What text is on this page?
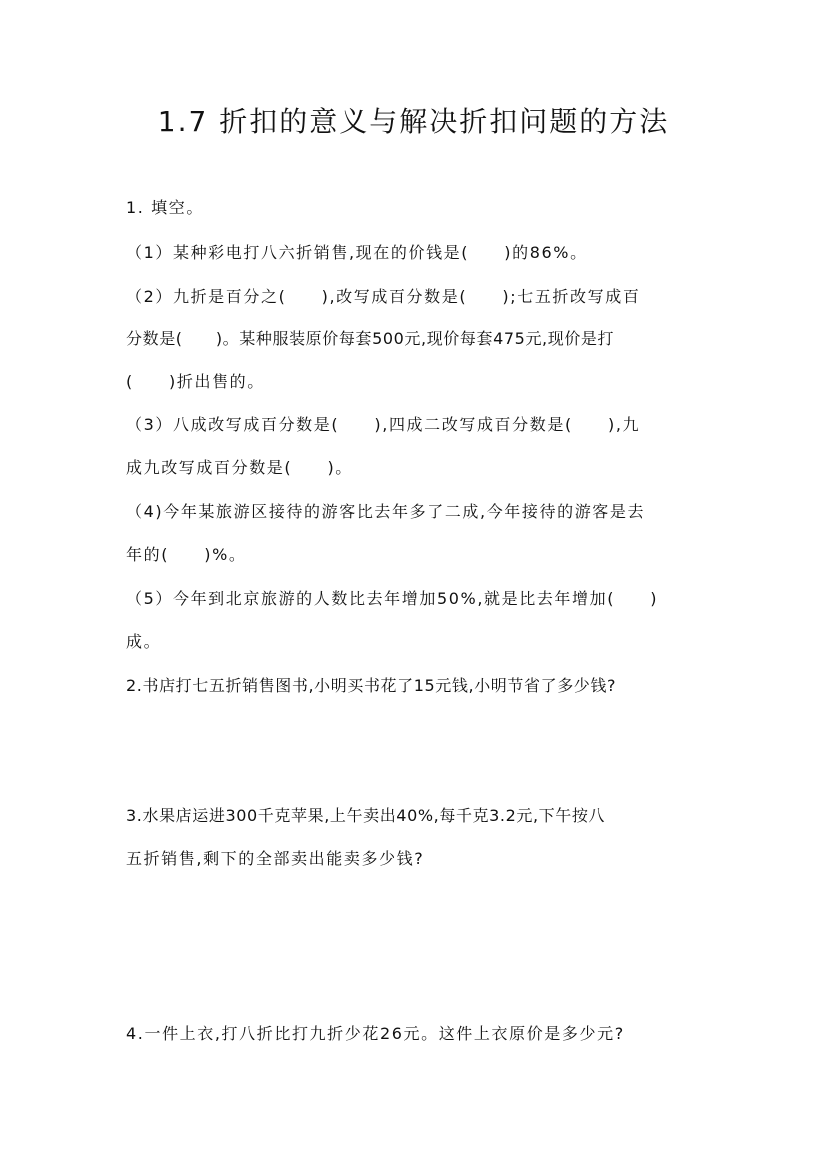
1.7 折扣的意义与解决折扣问题的方法
1. 填空。
（1）某种彩电打八六折销售,现在的价钱是(　　)的86%。
（2）九折是百分之(　　),改写成百分数是(　　);七五折改写成百
分数是(　　)。某种服装原价每套500元,现价每套475元,现价是打
(　　)折出售的。
（3）八成改写成百分数是(　　),四成二改写成百分数是(　　),九
成九改写成百分数是(　　)。
（4)今年某旅游区接待的游客比去年多了二成,今年接待的游客是去
年的(　　)%。
（5）今年到北京旅游的人数比去年增加50%,就是比去年增加(　　)
成。
2.书店打七五折销售图书,小明买书花了15元钱,小明节省了多少钱?
3.水果店运进300千克苹果,上午卖出40%,每千克3.2元,下午按八
五折销售,剩下的全部卖出能卖多少钱?
4.一件上衣,打八折比打九折少花26元。这件上衣原价是多少元?
